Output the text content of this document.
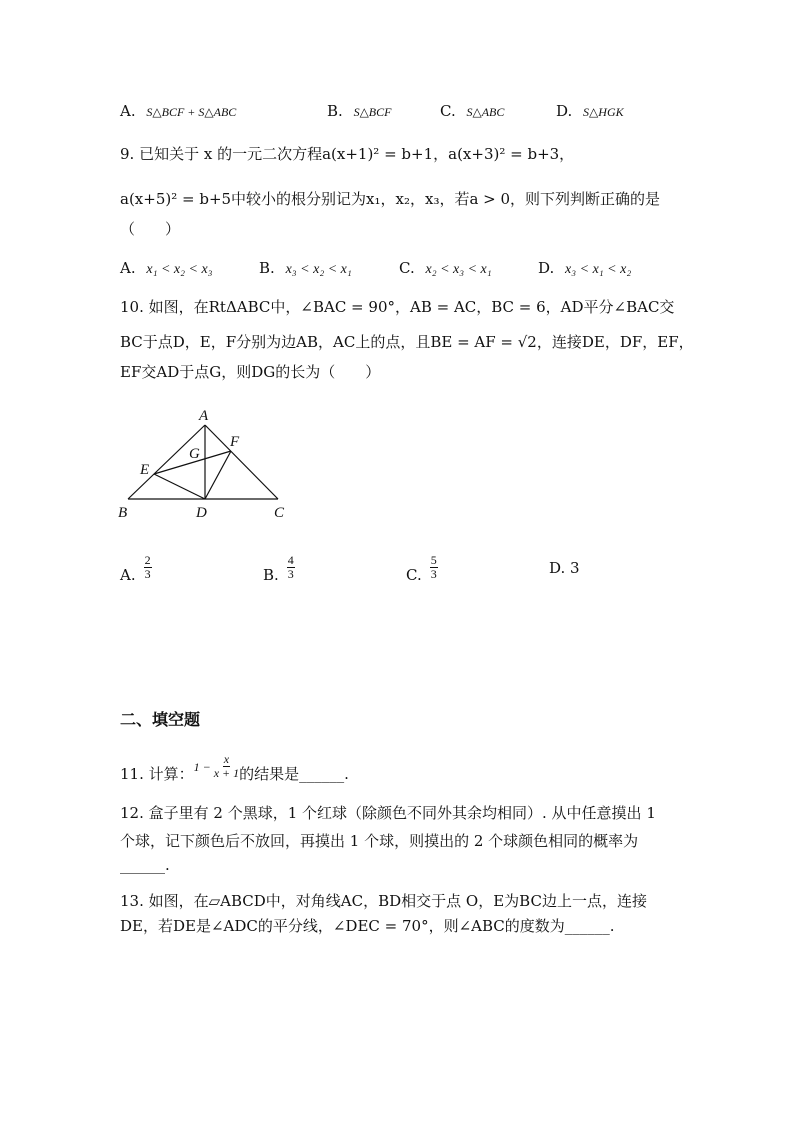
A. S△BCF + S△ABC	B. S△BCF	C. S△ABC	D. S△HGK
9. 已知关于 x 的一元二次方程a(x+1)² = b+1，a(x+3)² = b+3，
a(x+5)² = b+5中较小的根分别记为x₁，x₂，x₃，若a > 0，则下列判断正确的是
（　　）
A. x₁ < x₂ < x₃	B. x₃ < x₂ < x₁	C. x₂ < x₃ < x₁	D. x₃ < x₁ < x₂
10. 如图，在RtΔABC中，∠BAC = 90°，AB = AC，BC = 6，AD平分∠BAC交
BC于点D，E，F分别为边AB，AC上的点，且BE = AF = √2，连接DE，DF，EF，
EF交AD于点G，则DG的长为（　　）
A
B	C
D
E
F
G
A. $\frac{2}{3}$	B. $\frac{4}{3}$	C. $\frac{5}{3}$	D. 3
二、填空题
11. 计算： $1 - \frac{x}{x + 1}$ 的结果是______.
12. 盒子里有 2 个黑球，1 个红球（除颜色不同外其余均相同）. 从中任意摸出 1
个球，记下颜色后不放回，再摸出 1 个球，则摸出的 2 个球颜色相同的概率为
______.
13. 如图，在▱ABCD中，对角线AC，BD相交于点 O，E为BC边上一点，连接
DE，若DE是∠ADC的平分线，∠DEC = 70°，则∠ABC的度数为______.
